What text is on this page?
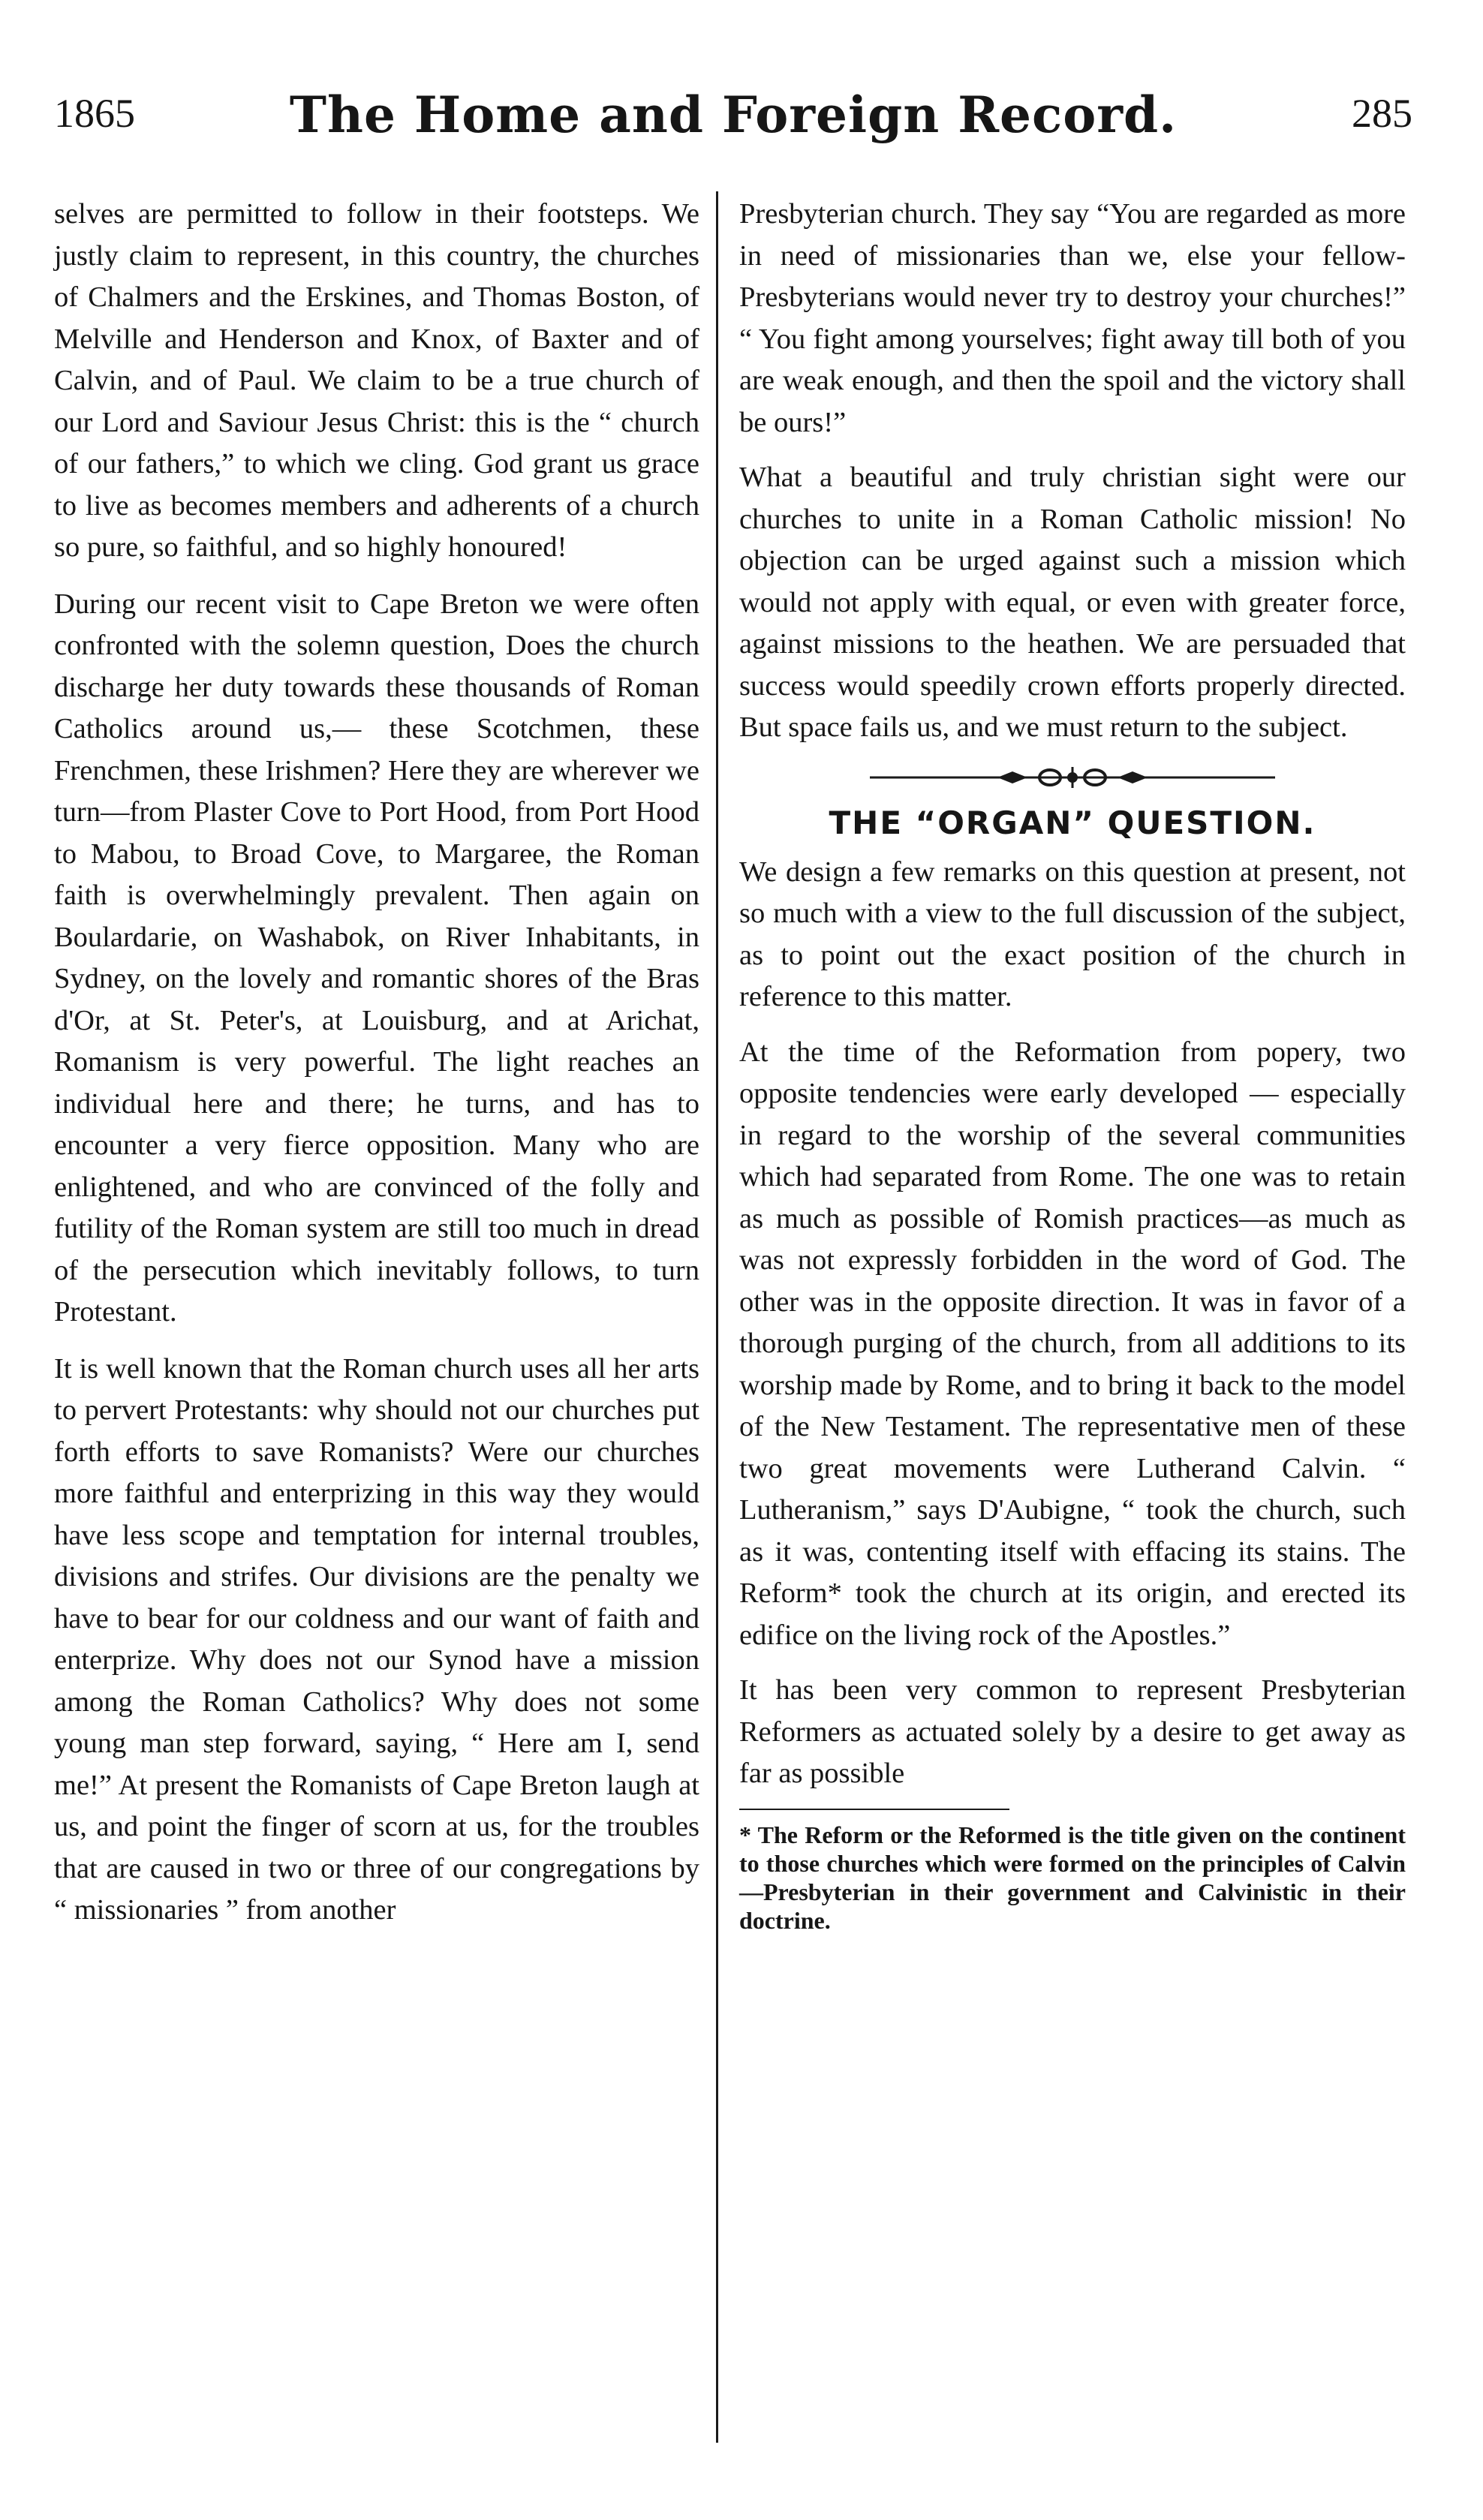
1865	The Home and Foreign Record.	285

selves are permitted to follow in their footsteps. We justly claim to represent, in this country, the churches of Chalmers and the Erskines, and Thomas Boston, of Melville and Henderson and Knox, of Baxter and of Calvin, and of Paul. We claim to be a true church of our Lord and Saviour Jesus Christ: this is the “ church of our fathers,” to which we cling. God grant us grace to live as becomes members and adherents of a church so pure, so faithful, and so highly honoured!

During our recent visit to Cape Breton we were often confronted with the solemn question, Does the church discharge her duty towards these thousands of Roman Catholics around us,— these Scotchmen, these Frenchmen, these Irishmen? Here they are wherever we turn—from Plaster Cove to Port Hood, from Port Hood to Mabou, to Broad Cove, to Margaree, the Roman faith is overwhelmingly prevalent. Then again on Boulardarie, on Washabok, on River Inhabitants, in Sydney, on the lovely and romantic shores of the Bras d'Or, at St. Peter's, at Louisburg, and at Arichat, Romanism is very powerful. The light reaches an individual here and there; he turns, and has to encounter a very fierce opposition. Many who are enlightened, and who are convinced of the folly and futility of the Roman system are still too much in dread of the persecution which inevitably follows, to turn Protestant.

It is well known that the Roman church uses all her arts to pervert Protestants: why should not our churches put forth efforts to save Romanists? Were our churches more faithful and enterprizing in this way they would have less scope and temptation for internal troubles, divisions and strifes. Our divisions are the penalty we have to bear for our coldness and our want of faith and enterprize. Why does not our Synod have a mission among the Roman Catholics? Why does not some young man step forward, saying, “ Here am I, send me!” At present the Romanists of Cape Breton laugh at us, and point the finger of scorn at us, for the troubles that are caused in two or three of our congregations by “ missionaries ” from another

Presbyterian church. They say “You are regarded as more in need of missionaries than we, else your fellow-Presbyterians would never try to destroy your churches!” “ You fight among yourselves; fight away till both of you are weak enough, and then the spoil and the victory shall be ours!”

What a beautiful and truly christian sight were our churches to unite in a Roman Catholic mission! No objection can be urged against such a mission which would not apply with equal, or even with greater force, against missions to the heathen. We are persuaded that success would speedily crown efforts properly directed. But space fails us, and we must return to the subject.

THE “ORGAN” QUESTION.

We design a few remarks on this question at present, not so much with a view to the full discussion of the subject, as to point out the exact position of the church in reference to this matter.

At the time of the Reformation from popery, two opposite tendencies were early developed — especially in regard to the worship of the several communities which had separated from Rome. The one was to retain as much as possible of Romish practices—as much as was not expressly forbidden in the word of God. The other was in the opposite direction. It was in favor of a thorough purging of the church, from all additions to its worship made by Rome, and to bring it back to the model of the New Testament. The representative men of these two great movements were Lutherand Calvin. “ Lutheranism,” says D'Aubigne, “ took the church, such as it was, contenting itself with effacing its stains. The Reform* took the church at its origin, and erected its edifice on the living rock of the Apostles.”

It has been very common to represent Presbyterian Reformers as actuated solely by a desire to get away as far as possible

* The Reform or the Reformed is the title given on the continent to those churches which were formed on the principles of Calvin—Presbyterian in their government and Calvinistic in their doctrine.
